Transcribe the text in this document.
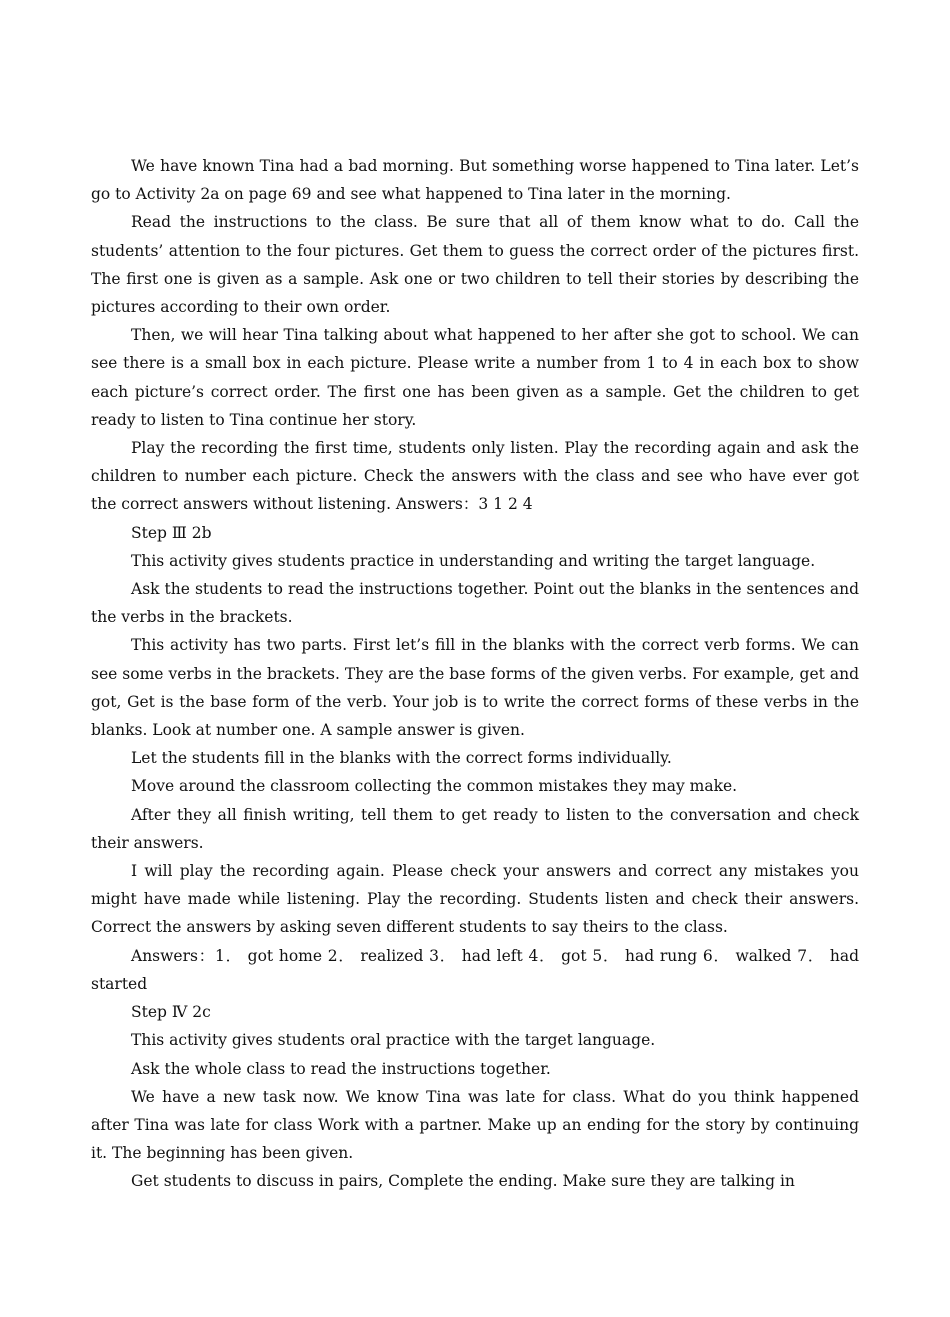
We have known Tina had a bad morning. But something worse happened to Tina later. Let’s go to Activity 2a on page 69 and see what happened to Tina later in the morning.

Read the instructions to the class. Be sure that all of them know what to do. Call the students’ attention to the four pictures. Get them to guess the correct order of the pictures first. The first one is given as a sample. Ask one or two children to tell their stories by describing the pictures according to their own order.

Then, we will hear Tina talking about what happened to her after she got to school. We can see there is a small box in each picture. Please write a number from 1 to 4 in each box to show each picture’s correct order. The first one has been given as a sample. Get the children to get ready to listen to Tina continue her story.

Play the recording the first time, students only listen. Play the recording again and ask the children to number each picture. Check the answers with the class and see who have ever got the correct answers without listening. Answers：3 1 2 4

Step Ⅲ 2b

This activity gives students practice in understanding and writing the target language.

Ask the students to read the instructions together. Point out the blanks in the sentences and the verbs in the brackets.

This activity has two parts. First let’s fill in the blanks with the correct verb forms. We can see some verbs in the brackets. They are the base forms of the given verbs. For example, get and got, Get is the base form of the verb. Your job is to write the correct forms of these verbs in the blanks. Look at number one. A sample answer is given.

Let the students fill in the blanks with the correct forms individually.

Move around the classroom collecting the common mistakes they may make.

After they all finish writing, tell them to get ready to listen to the conversation and check their answers.

I will play the recording again. Please check your answers and correct any mistakes you might have made while listening. Play the recording. Students listen and check their answers. Correct the answers by asking seven different students to say theirs to the class.

Answers：1． got home 2． realized 3． had left 4． got 5． had rung 6． walked 7． had started

Step Ⅳ 2c

This activity gives students oral practice with the target language.

Ask the whole class to read the instructions together.

We have a new task now. We know Tina was late for class. What do you think happened after Tina was late for class Work with a partner. Make up an ending for the story by continuing it. The beginning has been given.

Get students to discuss in pairs, Complete the ending. Make sure they are talking in
